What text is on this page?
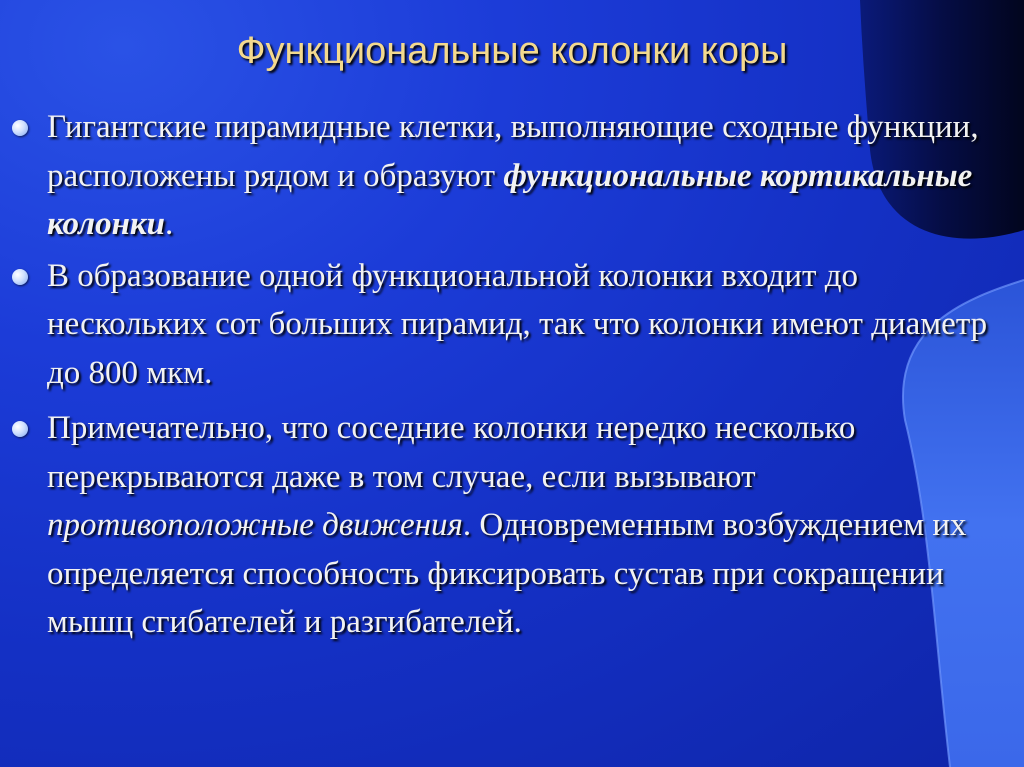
Функциональные колонки коры
Гигантские пирамидные клетки, выполняющие сходные функции, расположены рядом и образуют функциональные кортикальные колонки.
В образование одной функциональной колонки входит до нескольких сот больших пирамид, так что колонки имеют диаметр до 800 мкм.
Примечательно, что соседние колонки нередко несколько перекрываются даже в том случае, если вызывают противоположные движения. Одновременным возбуждением их определяется способность фиксировать сустав при сокращении мышц сгибателей и разгибателей.
